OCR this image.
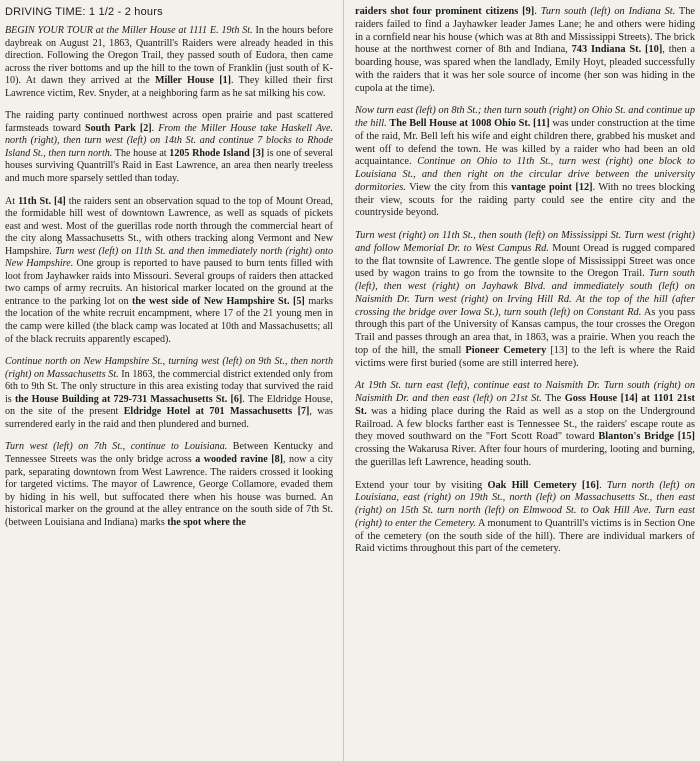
DRIVING TIME: 1 1/2 - 2 hours

BEGIN YOUR TOUR at the Miller House at 1111 E. 19th St. In the hours before daybreak on August 21, 1863, Quantrill's Raiders were already headed in this direction. Following the Oregon Trail, they passed south of Eudora, then came across the river bottoms and up the hill to the town of Franklin (just south of K-10). At dawn they arrived at the Miller House [1]. They killed their first Lawrence victim, Rev. Snyder, at a neighboring farm as he sat milking his cow.

The raiding party continued northwest across open prairie and past scattered farmsteads toward South Park [2]. From the Miller House take Haskell Ave. north (right), then turn west (left) on 14th St. and continue 7 blocks to Rhode Island St., then turn north. The house at 1205 Rhode Island [3] is one of several houses surviving Quantrill's Raid in East Lawrence, an area then nearly treeless and much more sparsely settled than today.

At 11th St. [4] the raiders sent an observation squad to the top of Mount Oread, the formidable hill west of downtown Lawrence, as well as squads of pickets east and west. Most of the guerillas rode north through the commercial heart of the city along Massachusetts St., with others tracking along Vermont and New Hampshire. Turn west (left) on 11th St. and then immediately north (right) onto New Hampshire. One group is reported to have paused to burn tents filled with loot from Jayhawker raids into Missouri. Several groups of raiders then attacked two camps of army recruits. An historical marker located on the ground at the entrance to the parking lot on the west side of New Hampshire St. [5] marks the location of the white recruit encampment, where 17 of the 21 young men in the camp were killed (the black camp was located at 10th and Massachusetts; all of the black recruits apparently escaped).

Continue north on New Hampshire St., turning west (left) on 9th St., then north (right) on Massachusetts St. In 1863, the commercial district extended only from 6th to 9th St. The only structure in this area existing today that survived the raid is the House Building at 729-731 Massachusetts St. [6]. The Eldridge House, on the site of the present Eldridge Hotel at 701 Massachusetts [7], was surrendered early in the raid and then plundered and burned.

Turn west (left) on 7th St., continue to Louisiana. Between Kentucky and Tennessee Streets was the only bridge across a wooded ravine [8], now a city park, separating downtown from West Lawrence. The raiders crossed it looking for targeted victims. The mayor of Lawrence, George Collamore, evaded them by hiding in his well, but suffocated there when his house was burned. An historical marker on the ground at the alley entrance on the south side of 7th St. (between Louisiana and Indiana) marks the spot where the

raiders shot four prominent citizens [9]. Turn south (left) on Indiana St. The raiders failed to find a Jayhawker leader James Lane; he and others were hiding in a cornfield near his house (which was at 8th and Mississippi Streets). The brick house at the northwest corner of 8th and Indiana, 743 Indiana St. [10], then a boarding house, was spared when the landlady, Emily Hoyt, pleaded successfully with the raiders that it was her sole source of income (her son was hiding in the cupola at the time).

Now turn east (left) on 8th St.; then turn south (right) on Ohio St. and continue up the hill. The Bell House at 1008 Ohio St. [11] was under construction at the time of the raid, Mr. Bell left his wife and eight children there, grabbed his musket and went off to defend the town. He was killed by a raider who had been an old acquaintance. Continue on Ohio to 11th St., turn west (right) one block to Louisiana St., and then right on the circular drive between the university dormitories. View the city from this vantage point [12]. With no trees blocking their view, scouts for the raiding party could see the entire city and the countryside beyond.

Turn west (right) on 11th St., then south (left) on Mississippi St. Turn west (right) and follow Memorial Dr. to West Campus Rd. Mount Oread is rugged compared to the flat townsite of Lawrence. The gentle slope of Mississippi Street was once used by wagon trains to go from the townsite to the Oregon Trail. Turn south (left), then west (right) on Jayhawk Blvd. and immediately south (left) on Naismith Dr. Turn west (right) on Irving Hill Rd. At the top of the hill (after crossing the bridge over Iowa St.), turn south (left) on Constant Rd. As you pass through this part of the University of Kansas campus, the tour crosses the Oregon Trail and passes through an area that, in 1863, was a prairie. When you reach the top of the hill, the small Pioneer Cemetery [13] to the left is where the Raid victims were first buried (some are still interred here).

At 19th St. turn east (left), continue east to Naismith Dr. Turn south (right) on Naismith Dr. and then east (left) on 21st St. The Goss House [14] at 1101 21st St. was a hiding place during the Raid as well as a stop on the Underground Railroad. A few blocks farther east is Tennessee St., the raiders' escape route as they moved southward on the "Fort Scott Road" toward Blanton's Bridge [15] crossing the Wakarusa River. After four hours of murdering, looting and burning, the guerillas left Lawrence, heading south.

Extend your tour by visiting Oak Hill Cemetery [16]. Turn north (left) on Louisiana, east (right) on 19th St., north (left) on Massachusetts St., then east (right) on 15th St. turn north (left) on Elmwood St. to Oak Hill Ave. Turn east (right) to enter the Cemetery. A monument to Quantrill's victims is in Section One of the cemetery (on the south side of the hill). There are individual markers of Raid victims throughout this part of the cemetery.
